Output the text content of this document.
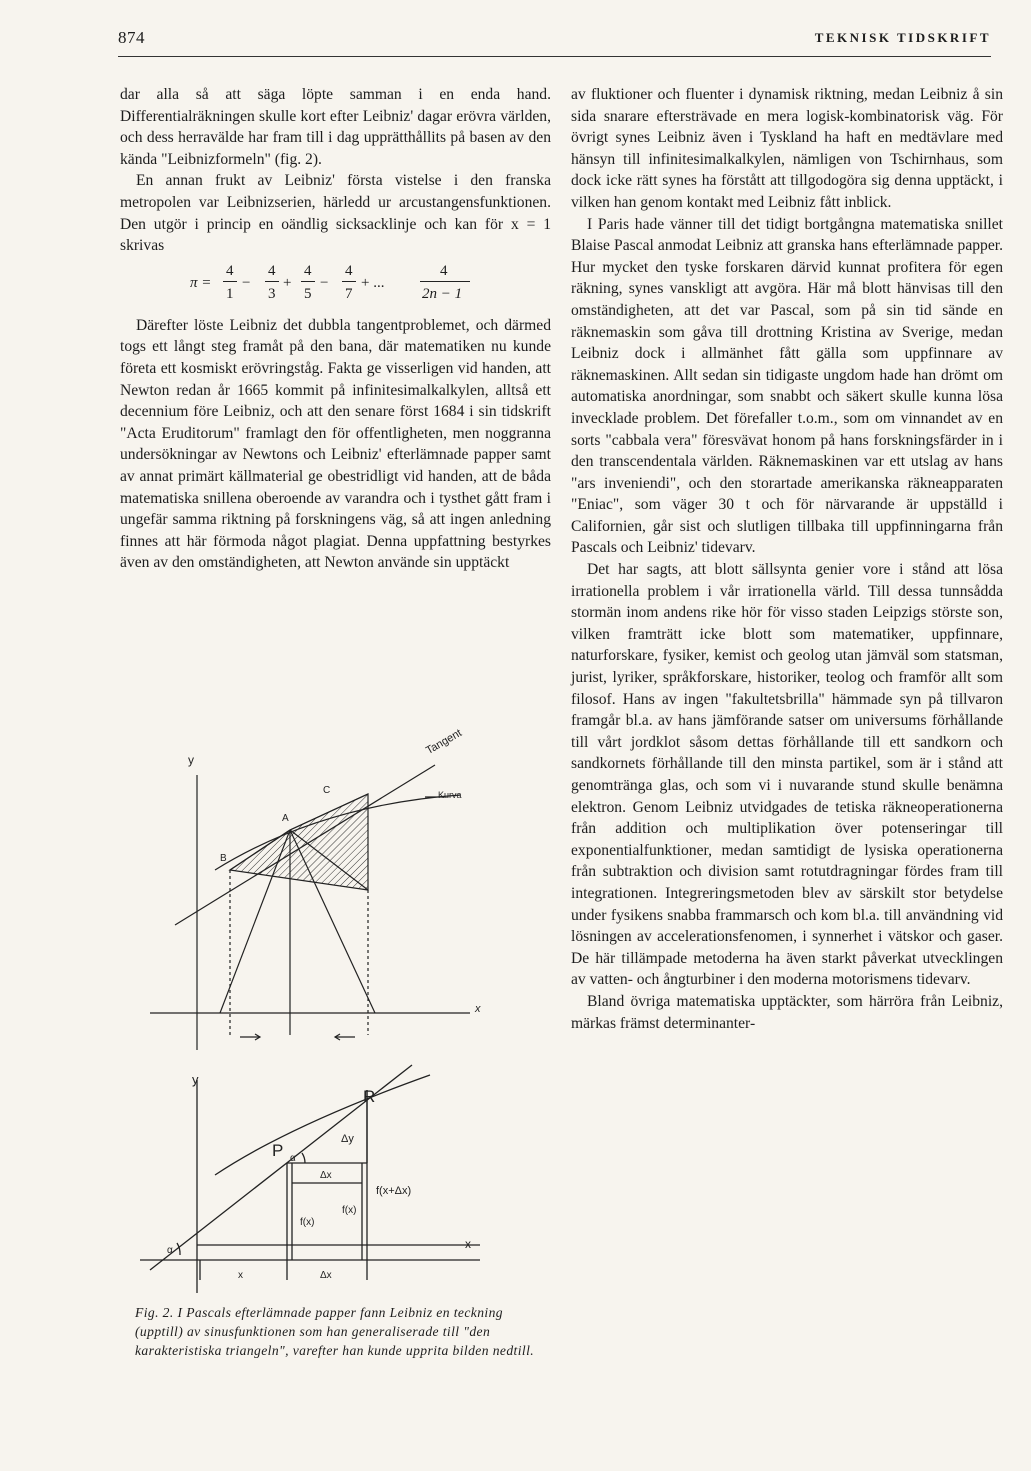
874	TEKNISK TIDSKRIFT

dar alla så att säga löpte samman i en enda hand. Differentialräkningen skulle kort efter Leibniz' dagar erövra världen, och dess herravälde har fram till i dag upprätthållits på basen av den kända "Leibnizformeln" (fig. 2).

En annan frukt av Leibniz' första vistelse i den franska metropolen var Leibnizserien, härledd ur arcustangensfunktionen. Den utgör i princip en oändlig sicksacklinje och kan för x = 1 skrivas

π =
4
1
−
4
3
+
4
5
−
4
7
+ ...
4
2n − 1

Därefter löste Leibniz det dubbla tangentproblemet, och därmed togs ett långt steg framåt på den bana, där matematiken nu kunde företa ett kosmiskt erövringståg. Fakta ge visserligen vid handen, att Newton redan år 1665 kommit på infinitesimalkalkylen, alltså ett decennium före Leibniz, och att den senare först 1684 i sin tidskrift "Acta Eruditorum" framlagt den för offentligheten, men noggranna undersökningar av Newtons och Leibniz' efterlämnade papper samt av annat primärt källmaterial ge obestridligt vid handen, att de båda matematiska snillena oberoende av varandra och i tysthet gått fram i ungefär samma riktning på forskningens väg, så att ingen anledning finnes att här förmoda något plagiat. Denna uppfattning bestyrkes även av den omständigheten, att Newton använde sin upptäckt

y
x
Tangent
Kurva
A
B
C
y
x
P
R
Δy
Δx
Δx
x
α
α
f(x)
f(x)
f(x+Δx)
Fig. 2. I Pascals efterlämnade papper fann Leibniz en teckning (upptill) av sinusfunktionen som han generaliserade till "den karakteristiska triangeln", varefter han kunde upprita bilden nedtill.

av fluktioner och fluenter i dynamisk riktning, medan Leibniz å sin sida snarare eftersträvade en mera logisk-kombinatorisk väg. För övrigt synes Leibniz även i Tyskland ha haft en medtävlare med hänsyn till infinitesimalkalkylen, nämligen von Tschirnhaus, som dock icke rätt synes ha förstått att tillgodogöra sig denna upptäckt, i vilken han genom kontakt med Leibniz fått inblick.

I Paris hade vänner till det tidigt bortgångna matematiska snillet Blaise Pascal anmodat Leibniz att granska hans efterlämnade papper. Hur mycket den tyske forskaren därvid kunnat profitera för egen räkning, synes vanskligt att avgöra. Här må blott hänvisas till den omständigheten, att det var Pascal, som på sin tid sände en räknemaskin som gåva till drottning Kristina av Sverige, medan Leibniz dock i allmänhet fått gälla som uppfinnare av räknemaskinen. Allt sedan sin tidigaste ungdom hade han drömt om automatiska anordningar, som snabbt och säkert skulle kunna lösa invecklade problem. Det förefaller t.o.m., som om vinnandet av en sorts "cabbala vera" föresvävat honom på hans forskningsfärder in i den transcendentala världen. Räknemaskinen var ett utslag av hans "ars inveniendi", och den storartade amerikanska räkneapparaten "Eniac", som väger 30 t och för närvarande är uppställd i Californien, går sist och slutligen tillbaka till uppfinningarna från Pascals och Leibniz' tidevarv.

Det har sagts, att blott sällsynta genier vore i stånd att lösa irrationella problem i vår irrationella värld. Till dessa tunnsådda stormän inom andens rike hör för visso staden Leipzigs störste son, vilken framträtt icke blott som matematiker, uppfinnare, naturforskare, fysiker, kemist och geolog utan jämväl som statsman, jurist, lyriker, språkforskare, historiker, teolog och framför allt som filosof. Hans av ingen "fakultetsbrilla" hämmade syn på tillvaron framgår bl.a. av hans jämförande satser om universums förhållande till vårt jordklot såsom dettas förhållande till ett sandkorn och sandkornets förhållande till den minsta partikel, som är i stånd att genomtränga glas, och som vi i nuvarande stund skulle benämna elektron. Genom Leibniz utvidgades de tetiska räkneoperationerna från addition och multiplikation över potenseringar till exponentialfunktioner, medan samtidigt de lysiska operationerna från subtraktion och division samt rotutdragningar fördes fram till integrationen. Integreringsmetoden blev av särskilt stor betydelse under fysikens snabba frammarsch och kom bl.a. till användning vid lösningen av accelerationsfenomen, i synnerhet i vätskor och gaser. De här tillämpade metoderna ha även starkt påverkat utvecklingen av vatten- och ångturbiner i den moderna motorismens tidevarv.

Bland övriga matematiska upptäckter, som härröra från Leibniz, märkas främst determinanter-
